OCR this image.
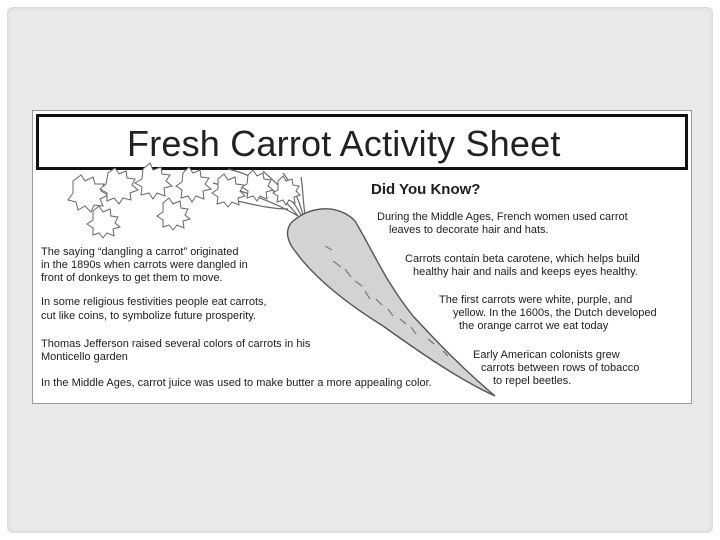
Fresh Carrot Activity Sheet
Did You Know?
The saying “dangling a carrot” originated
in the 1890s when carrots were dangled in
front of donkeys to get them to move.
In some religious festivities people eat carrots,
cut like coins, to symbolize future prosperity.
Thomas Jefferson raised several colors of carrots in his
Monticello garden
In the Middle Ages, carrot juice was used to make butter a more appealing color.
During the Middle Ages, French women used carrot
leaves to decorate hair and hats.
Carrots contain beta carotene, which helps build
healthy hair and nails and keeps eyes healthy.
The first carrots were white, purple, and
yellow. In the 1600s, the Dutch developed
the orange carrot we eat today
Early American colonists grew
carrots between rows of tobacco
to repel beetles.
